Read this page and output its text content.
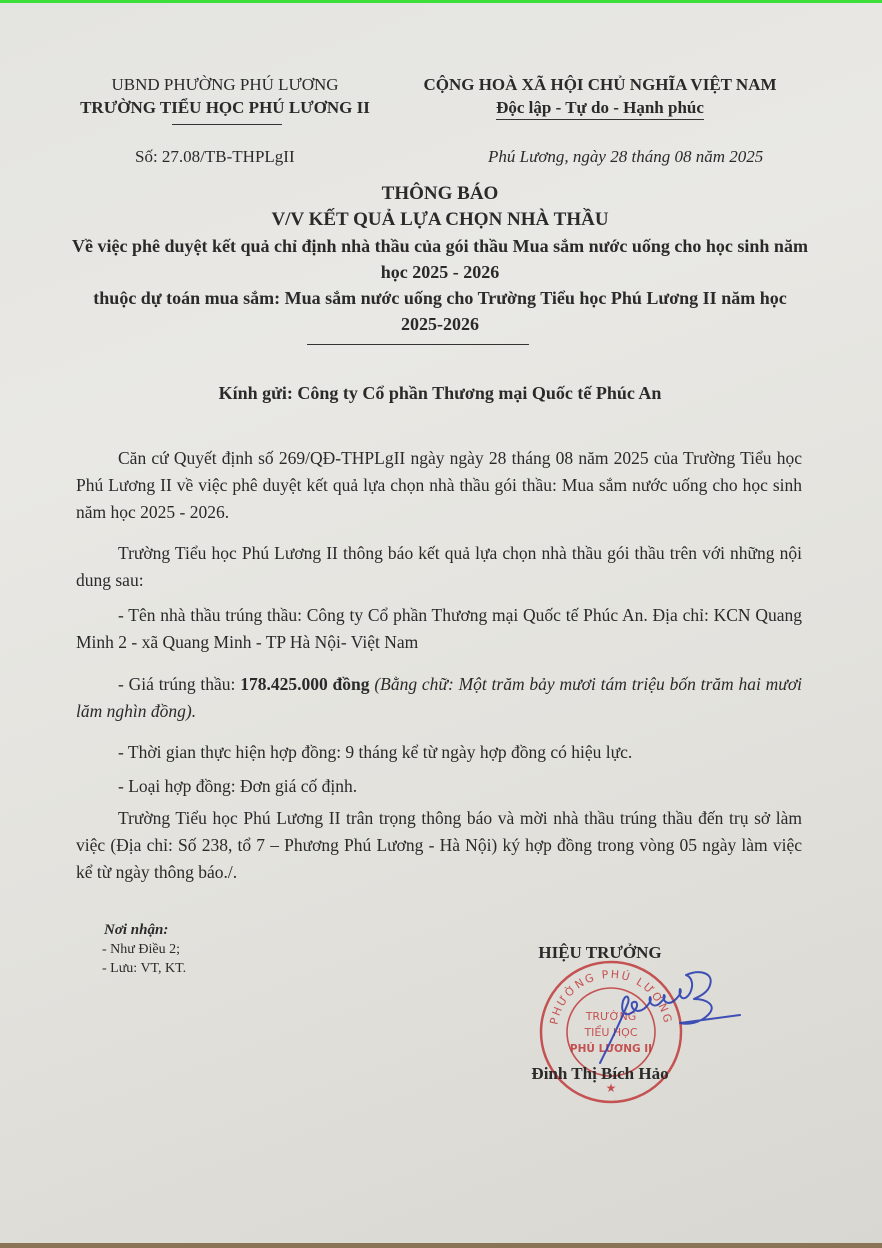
UBND PHƯỜNG PHÚ LƯƠNG
TRƯỜNG TIỂU HỌC PHÚ LƯƠNG II
CỘNG HOÀ XÃ HỘI CHỦ NGHĨA VIỆT NAM
Độc lập - Tự do - Hạnh phúc
Số: 27.08/TB-THPLgII	Phú Lương, ngày 28 tháng 08 năm 2025
THÔNG BÁO
V/V KẾT QUẢ LỰA CHỌN NHÀ THẦU
Về việc phê duyệt kết quả chỉ định nhà thầu của gói thầu Mua sắm nước uống cho học sinh năm học 2025 - 2026
thuộc dự toán mua sắm: Mua sắm nước uống cho Trường Tiểu học Phú Lương II năm học 2025-2026
Kính gửi: Công ty Cổ phần Thương mại Quốc tế Phúc An
Căn cứ Quyết định số 269/QĐ-THPLgII ngày ngày 28 tháng 08 năm 2025 của Trường Tiểu học Phú Lương II về việc phê duyệt kết quả lựa chọn nhà thầu gói thầu: Mua sắm nước uống cho học sinh năm học 2025 - 2026.
Trường Tiểu học Phú Lương II thông báo kết quả lựa chọn nhà thầu gói thầu trên với những nội dung sau:
- Tên nhà thầu trúng thầu: Công ty Cổ phần Thương mại Quốc tế Phúc An. Địa chỉ: KCN Quang Minh 2 - xã Quang Minh - TP Hà Nội- Việt Nam
- Giá trúng thầu: 178.425.000 đồng (Bằng chữ: Một trăm bảy mươi tám triệu bốn trăm hai mươi lăm nghìn đồng).
- Thời gian thực hiện hợp đồng: 9 tháng kể từ ngày hợp đồng có hiệu lực.
- Loại hợp đồng: Đơn giá cố định.
Trường Tiểu học Phú Lương II trân trọng thông báo và mời nhà thầu trúng thầu đến trụ sở làm việc (Địa chỉ: Số 238, tổ 7 – Phương Phú Lương - Hà Nội) ký hợp đồng trong vòng 05 ngày làm việc kể từ ngày thông báo./.
Nơi nhận:
- Như Điều 2;
- Lưu: VT, KT.
PHƯỜNG PHÚ LƯƠNG
TRƯỜNG
TIỂU HỌC
PHÚ LƯƠNG II
★
HIỆU TRƯỞNG
Đinh Thị Bích Hảo
